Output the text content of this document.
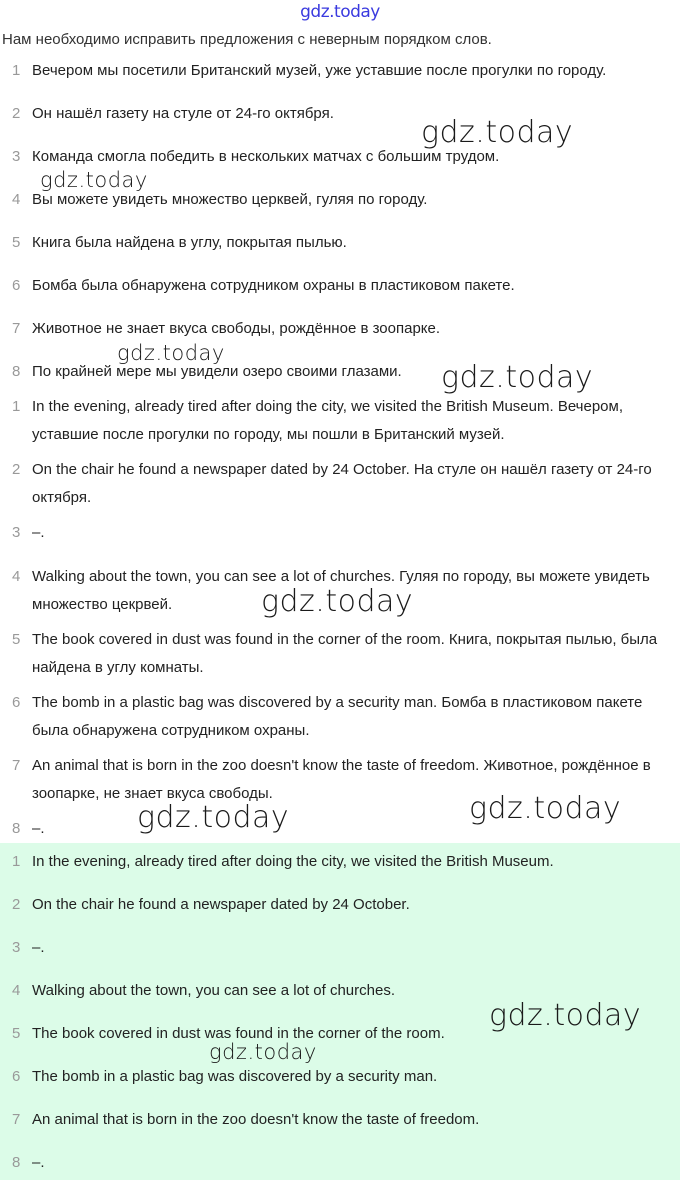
gdz.today
Нам необходимо исправить предложения с неверным порядком слов.
1 Вечером мы посетили Британский музей, уже уставшие после прогулки по городу.
2 Он нашёл газету на стуле от 24-го октября.
3 Команда смогла победить в нескольких матчах с большим трудом.
4 Вы можете увидеть множество церквей, гуляя по городу.
5 Книга была найдена в углу, покрытая пылью.
6 Бомба была обнаружена сотрудником охраны в пластиковом пакете.
7 Животное не знает вкуса свободы, рождённое в зоопарке.
8 По крайней мере мы увидели озеро своими глазами.
1 In the evening, already tired after doing the city, we visited the British Museum. Вечером, уставшие после прогулки по городу, мы пошли в Британский музей.
2 On the chair he found a newspaper dated by 24 October. На стуле он нашёл газету от 24-го октября.
3 –.
4 Walking about the town, you can see a lot of churches. Гуляя по городу, вы можете увидеть множество цекрвей.
5 The book covered in dust was found in the corner of the room. Книга, покрытая пылью, была найдена в углу комнаты.
6 The bomb in a plastic bag was discovered by a security man. Бомба в пластиковом пакете была обнаружена сотрудником охраны.
7 An animal that is born in the zoo doesn't know the taste of freedom. Животное, рождённое в зоопарке, не знает вкуса свободы.
8 –.
1 In the evening, already tired after doing the city, we visited the British Museum.
2 On the chair he found a newspaper dated by 24 October.
3 –.
4 Walking about the town, you can see a lot of churches.
5 The book covered in dust was found in the corner of the room.
6 The bomb in a plastic bag was discovered by a security man.
7 An animal that is born in the zoo doesn't know the taste of freedom.
8 –.
gdz.today
gdz.today
gdz.today
gdz.today
gdz.today
gdz.today
gdz.today
gdz.today
gdz.today
